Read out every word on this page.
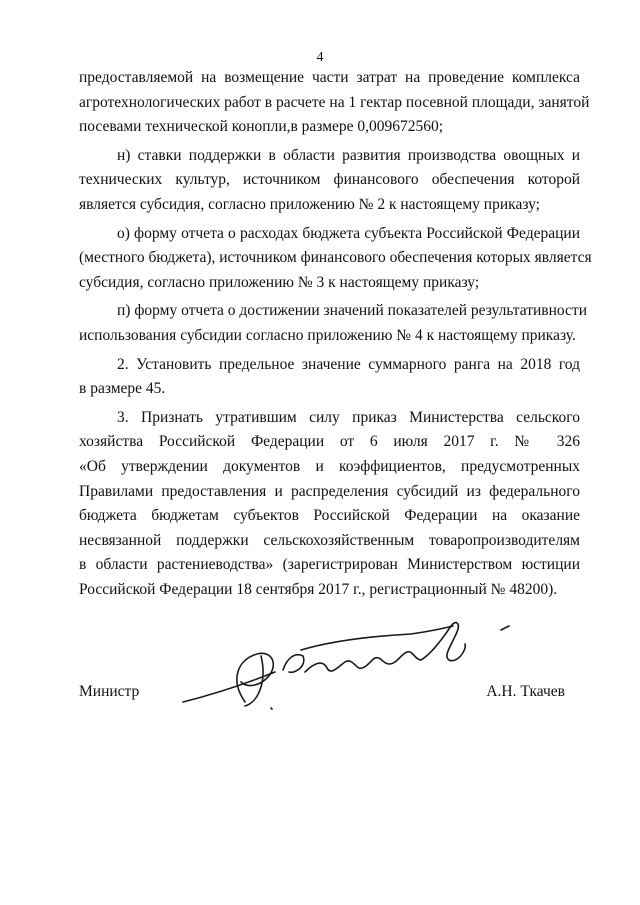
4
предоставляемой на возмещение части затрат на проведение комплекса
агротехнологических работ в расчете на 1 гектар посевной площади, занятой
посевами технической конопли,в размере 0,009672560;
н) ставки поддержки в области развития производства овощных и
технических культур, источником финансового обеспечения которой
является субсидия, согласно приложению № 2 к настоящему приказу;
о) форму отчета о расходах бюджета субъекта Российской Федерации
(местного бюджета), источником финансового обеспечения которых является
субсидия, согласно приложению № 3 к настоящему приказу;
п) форму отчета о достижении значений показателей результативности
использования субсидии согласно приложению № 4 к настоящему приказу.
2. Установить предельное значение суммарного ранга на 2018 год
в размере 45.
3. Признать утратившим силу приказ Министерства сельского
хозяйства Российской Федерации от 6 июля 2017 г. № 326
«Об утверждении документов и коэффициентов, предусмотренных
Правилами предоставления и распределения субсидий из федерального
бюджета бюджетам субъектов Российской Федерации на оказание
несвязанной поддержки сельскохозяйственным товаропроизводителям
в области растениеводства» (зарегистрирован Министерством юстиции
Российской Федерации 18 сентября 2017 г., регистрационный № 48200).
Министр	А.Н. Ткачев
